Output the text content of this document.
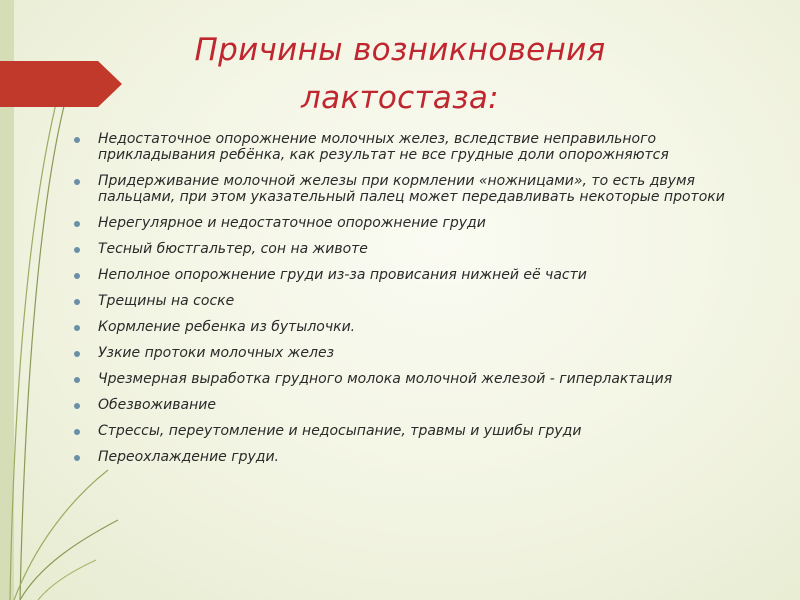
Причины возникновения
лактостаза:
Недостаточное опорожнение молочных желез, вследствие неправильного прикладывания ребёнка, как результат не все грудные доли опорожняются
Придерживание молочной железы при кормлении «ножницами», то есть двумя пальцами, при этом указательный палец может передавливать некоторые протоки
Нерегулярное и недостаточное опорожнение груди
Тесный бюстгальтер, сон на животе
Неполное опорожнение груди из-за провисания нижней её части
Трещины на соске
Кормление ребенка из бутылочки.
Узкие протоки молочных желез
Чрезмерная выработка грудного молока молочной железой - гиперлактация
Обезвоживание
Стрессы, переутомление и недосыпание, травмы и ушибы груди
Переохлаждение груди.
